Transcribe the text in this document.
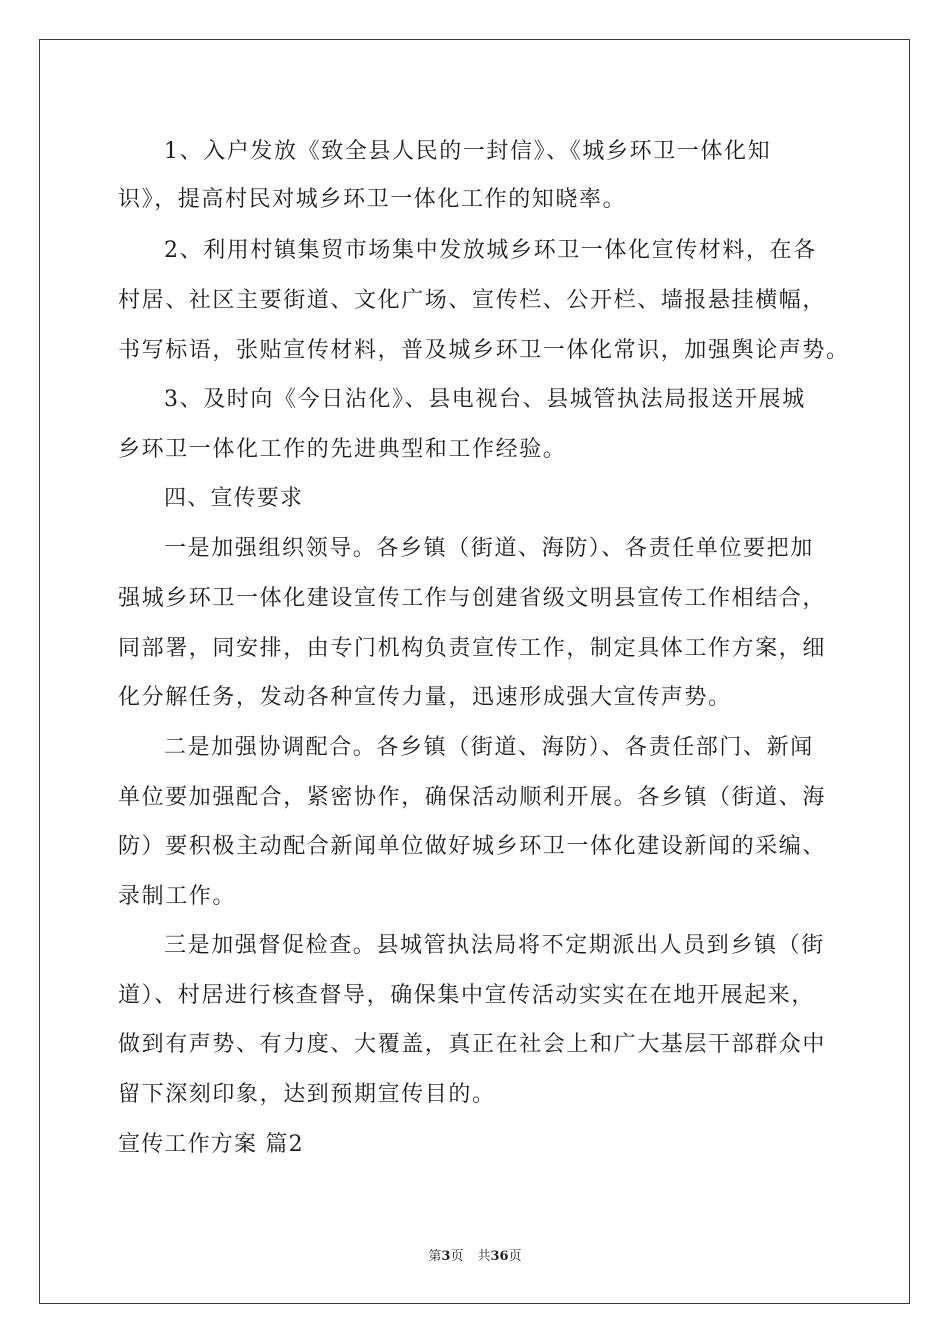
1、入户发放《致全县人民的一封信》、《城乡环卫一体化知
识》，提高村民对城乡环卫一体化工作的知晓率。
2、利用村镇集贸市场集中发放城乡环卫一体化宣传材料，在各
村居、社区主要街道、文化广场、宣传栏、公开栏、墙报悬挂横幅，
书写标语，张贴宣传材料，普及城乡环卫一体化常识，加强舆论声势。
3、及时向《今日沾化》、县电视台、县城管执法局报送开展城
乡环卫一体化工作的先进典型和工作经验。
四、宣传要求
一是加强组织领导。各乡镇（街道、海防）、各责任单位要把加
强城乡环卫一体化建设宣传工作与创建省级文明县宣传工作相结合，
同部署，同安排，由专门机构负责宣传工作，制定具体工作方案，细
化分解任务，发动各种宣传力量，迅速形成强大宣传声势。
二是加强协调配合。各乡镇（街道、海防）、各责任部门、新闻
单位要加强配合，紧密协作，确保活动顺利开展。各乡镇（街道、海
防）要积极主动配合新闻单位做好城乡环卫一体化建设新闻的采编、
录制工作。
三是加强督促检查。县城管执法局将不定期派出人员到乡镇（街
道）、村居进行核查督导，确保集中宣传活动实实在在地开展起来，
做到有声势、有力度、大覆盖，真正在社会上和广大基层干部群众中
留下深刻印象，达到预期宣传目的。
宣传工作方案 篇2
第3页 共36页
